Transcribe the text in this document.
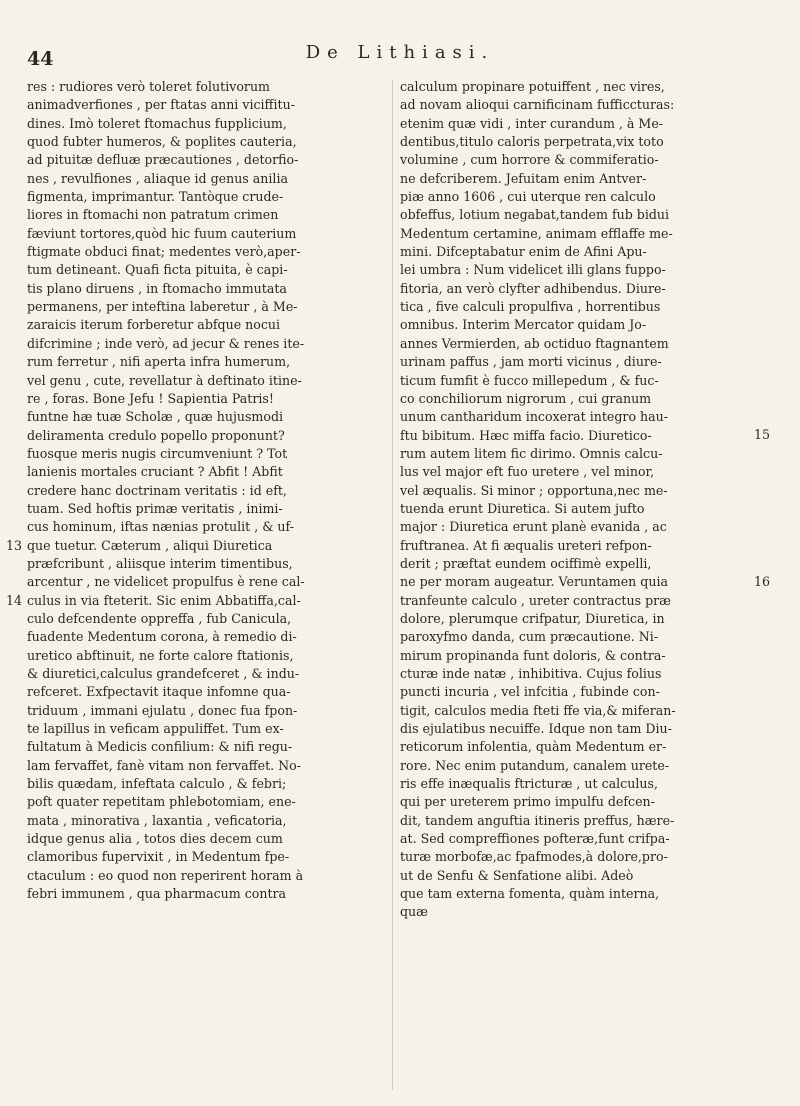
44	De Lithiasi.
res : rudiores verò toleret folutivorum
animadverfiones , per ftatas anni viciffitu-
dines. Imò toleret ftomachus fupplicium,
quod fubter humeros, & poplites cauteria,
ad pituitæ defluæ præcautiones , detorfio-
nes , revulfiones , aliaque id genus anilia
figmenta, imprimantur. Tantòque crude-
liores in ftomachi non patratum crimen
fæviunt tortores,quòd hic fuum cauterium
ftigmate obduci finat; medentes verò,aper-
tum detineant. Quafi ficta pituita, è capi-
tis plano diruens , in ftomacho immutata
permanens, per inteftina laberetur , à Me-
zaraicis iterum forberetur abfque nocui
difcrimine ; inde verò, ad jecur & renes ite-
rum ferretur , nifi aperta infra humerum,
vel genu , cute, revellatur à deftinato itine-
re , foras. Bone Jefu ! Sapientia Patris!
funtne hæ tuæ Scholæ , quæ hujusmodi
deliramenta credulo popello proponunt?
fuosque meris nugis circumveniunt ? Tot
lanienis mortales cruciant ? Abfit ! Abfit
credere hanc doctrinam veritatis : id eft,
tuam. Sed hoftis primæ veritatis , inimi-
cus hominum, iftas nænias protulit , & uf-
que tuetur. Cæterum , aliqui Diuretica
præfcribunt , aliisque interim timentibus,
arcentur , ne videlicet propulfus è rene cal-
culus in via fteterit. Sic enim Abbatiffa,cal-
culo defcendente oppreffa , fub Canicula,
fuadente Medentum corona, à remedio di-
uretico abftinuit, ne forte calore ftationis,
& diuretici,calculus grandefceret , & indu-
refceret. Exfpectavit itaque infomne qua-
triduum , immani ejulatu , donec fua fpon-
te lapillus in veficam appuliffet. Tum ex-
fultatum à Medicis confilium: & nifi regu-
lam fervaffet, fanè vitam non fervaffet. No-
bilis quædam, infeftata calculo , & febri;
poft quater repetitam phlebotomiam, ene-
mata , minorativa , laxantia , veficatoria,
idque genus alia , totos dies decem cum
clamoribus fupervixit , in Medentum fpe-
ctaculum : eo quod non reperirent horam à
febri immunem , qua pharmacum contra
calculum propinare potuiffent , nec vires,
ad novam alioqui carnificinam fufficcturas:
etenim quæ vidi , inter curandum , à Me-
dentibus,titulo caloris perpetrata,vix toto
volumine , cum horrore & commiferatio-
ne defcriberem. Jefuitam enim Antver-
piæ anno 1606 , cui uterque ren calculo
obfeffus, lotium negabat,tandem fub bidui
Medentum certamine, animam efflaffe me-
mini. Difceptabatur enim de Afini Apu-
lei umbra : Num videlicet illi glans fuppo-
fitoria, an verò clyfter adhibendus. Diure-
tica , five calculi propulfiva , horrentibus
omnibus. Interim Mercator quidam Jo-
annes Vermierden, ab octiduo ftagnantem
urinam paffus , jam morti vicinus , diure-
ticum fumfit è fucco millepedum , & fuc-
co conchiliorum nigrorum , cui granum
unum cantharidum incoxerat integro hau-
ftu bibitum. Hæc miffa facio. Diuretico-
rum autem litem fic dirimo. Omnis calcu-
lus vel major eft fuo uretere , vel minor,
vel æqualis. Si minor ; opportuna,nec me-
tuenda erunt Diuretica. Si autem jufto
major : Diuretica erunt planè evanida , ac
fruftranea. At fi æqualis ureteri refpon-
derit ; præftat eundem ociffimè expelli,
ne per moram augeatur. Veruntamen quia
tranfeunte calculo , ureter contractus præ
dolore, plerumque crifpatur, Diuretica, in
paroxyfmo danda, cum præcautione. Ni-
mirum propinanda funt doloris, & contra-
cturæ inde natæ , inhibitiva. Cujus folius
puncti incuria , vel infcitia , fubinde con-
tigit, calculos media fteti ffe via,& miferan-
dis ejulatibus necuiffe. Idque non tam Diu-
reticorum infolentia, quàm Medentum er-
rore. Nec enim putandum, canalem urete-
ris effe inæqualis ftricturæ , ut calculus,
qui per ureterem primo impulfu defcen-
dit, tandem anguftia itineris preffus, hære-
at. Sed compreffiones pofteræ,funt crifpa-
turæ morbofæ,ac fpafmodes,à dolore,pro-
ut de Senfu & Senfatione alibi. Adeò
que tam externa fomenta, quàm interna,
quæ
13
14
15
16
